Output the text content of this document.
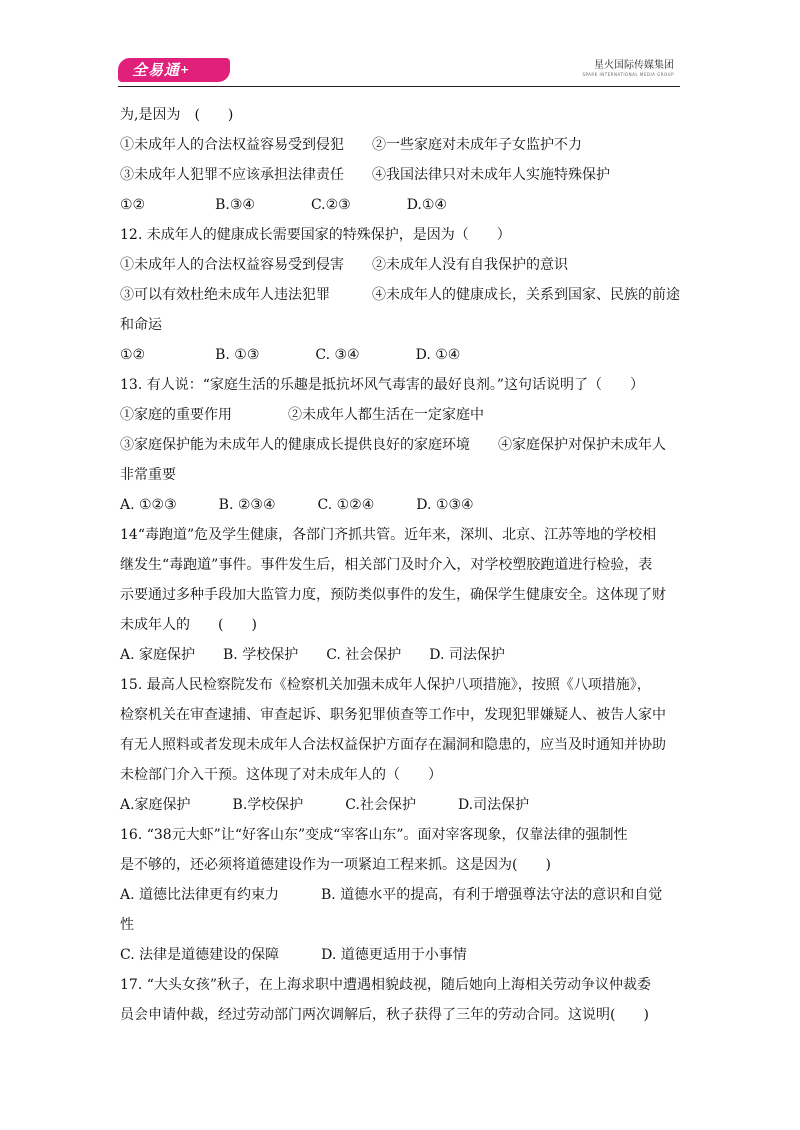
全易通+	星火国际传媒集团
SPARK INTERNATIONAL MEDIA GROUP
为,是因为　(　　)
①未成年人的合法权益容易受到侵犯　　②一些家庭对未成年子女监护不力
③未成年人犯罪不应该承担法律责任　　④我国法律只对未成年人实施特殊保护
①②　　　　　B.③④　　　　C.②③　　　　D.①④
12. 未成年人的健康成长需要国家的特殊保护，是因为（　　）
①未成年人的合法权益容易受到侵害　　②未成年人没有自我保护的意识
③可以有效杜绝未成年人违法犯罪　　　④未成年人的健康成长，关系到国家、民族的前途
和命运
①②　　　　　B. ①③　　　　C. ③④　　　　D. ①④
13. 有人说：“家庭生活的乐趣是抵抗坏风气毒害的最好良剂。”这句话说明了（　　）
①家庭的重要作用　　　　②未成年人都生活在一定家庭中
③家庭保护能为未成年人的健康成长提供良好的家庭环境　　④家庭保护对保护未成年人
非常重要
A. ①②③　　　B. ②③④　　　C. ①②④　　　D. ①③④
14“毒跑道”危及学生健康，各部门齐抓共管。近年来，深圳、北京、江苏等地的学校相
继发生“毒跑道”事件。事件发生后，相关部门及时介入，对学校塑胶跑道进行检验，表
示要通过多种手段加大监管力度，预防类似事件的发生，确保学生健康安全。这体现了财
未成年人的　　(　　)
A. 家庭保护　　B. 学校保护　　C. 社会保护　　D. 司法保护
15. 最高人民检察院发布《检察机关加强未成年人保护八项措施》，按照《八项措施》，
检察机关在审查逮捕、审查起诉、职务犯罪侦查等工作中，发现犯罪嫌疑人、被告人家中
有无人照料或者发现未成年人合法权益保护方面存在漏洞和隐患的，应当及时通知并协助
未检部门介入干预。这体现了对未成年人的（　　）
A.家庭保护　　　B.学校保护　　　C.社会保护　　　D.司法保护
16. “38元大虾”让“好客山东”变成“宰客山东”。面对宰客现象，仅靠法律的强制性
是不够的，还必须将道德建设作为一项紧迫工程来抓。这是因为(　　)
A. 道德比法律更有约束力　　　B. 道德水平的提高，有利于增强尊法守法的意识和自觉
性
C. 法律是道德建设的保障　　　D. 道德更适用于小事情
17. “大头女孩”秋子，在上海求职中遭遇相貌歧视，随后她向上海相关劳动争议仲裁委
员会申请仲裁，经过劳动部门两次调解后，秋子获得了三年的劳动合同。这说明(　　)
